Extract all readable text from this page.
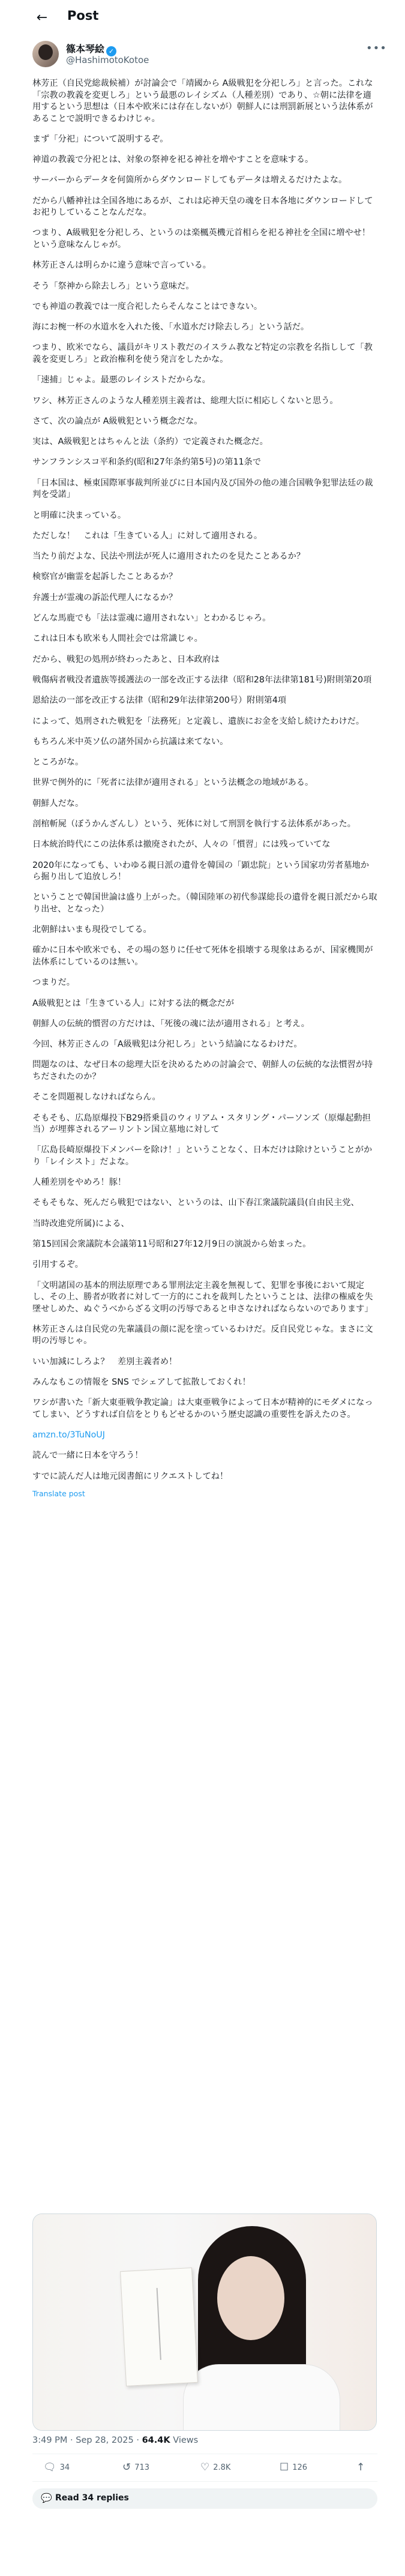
←	Post
篠本琴絵 ✓
@HashimotoKotoe
•••

林芳正（自民党総裁候補）が討論会で「靖國から A級戦犯を分祀しろ」と言った。これな「宗教の教義を変更しろ」という最悪のレイシズム（人種差別）であり、☆朝に法律を適用するという思想は（日本や欧米には存在しないが）朝鮮人には刑罰新展という法体系があることで説明できるわけじゃ。

まず「分祀」について説明するぞ。

神道の教義で分祀とは、対象の祭神を祀る神社を増やすことを意味する。

サーバーからデータを何箇所からダウンロードしてもデータは増えるだけたよな。

だから八幡神社は全国各地にあるが、これは応神天皇の魂を日本各地にダウンロードしてお祀りしていることなんだな。

つまり、A級戦犯を分祀しろ、というのは楽楓英機元首相らを祀る神社を全国に増やせ！という意味なんじゃが。

林芳正さんは明らかに違う意味で言っている。

そう「祭神から除去しろ」という意味だ。

でも神道の教義では一度合祀したらそんなことはできない。

海にお椀一杯の水道水を入れた後、「水道水だけ除去しろ」という話だ。

つまり、欧米でなら、議員がキリスト教だのイスラム教など特定の宗教を名指しして「教義を変更しろ」と政治権利を使う発言をしたかな。

「速捕」じゃよ。最悪のレイシストだからな。

ワシ、林芳正さんのような人種差別主義者は、総理大臣に相応しくないと思う。

さて、次の論点が A級戦犯という概念だな。

実は、A級戦犯とはちゃんと法（条約）で定義された概念だ。

サンフランシスコ平和条約(昭和27年条約第5号)の第11条で

「日本国は、極東国際軍事裁判所並びに日本国内及び国外の他の連合国戦争犯罪法廷の裁判を受諾」

と明確に決まっている。

ただしな！　これは「生きている人」に対して適用される。

当たり前だよな、民法や刑法が死人に適用されたのを見たことあるか？

検察官が幽霊を起訴したことあるか？

弁護士が霊魂の訴訟代理人になるか？

どんな馬鹿でも「法は霊魂に適用されない」とわかるじゃろ。

これは日本も欧米も人間社会では常識じゃ。

だから、戦犯の処刑が終わったあと、日本政府は

戦傷病者戦没者遺族等援護法の一部を改正する法律（昭和28年法律第181号)附則第20項

恩給法の一部を改正する法律（昭和29年法律第200号）附則第4項

によって、処刑された戦犯を「法務死」と定義し、遺族にお金を支給し続けたわけだ。

もちろん米中英ソ仏の諸外国から抗議は来てない。

ところがな。

世界で例外的に「死者に法律が適用される」という法概念の地域がある。

朝鮮人だな。

剖棺斬屍（ぼうかんざんし）という、死体に対して刑罰を執行する法体系があった。

日本統治時代にこの法体系は撤廃されたが、人々の「慣習」には残っていてな

2020年になっても、いわゆる親日派の遺骨を韓国の「顕忠院」という国家功労者墓地から掘り出して追放しろ！

ということで韓国世論は盛り上がった。（韓国陸軍の初代参謀総長の遺骨を親日派だから取り出せ、となった）

北朝鮮はいまも現役でしてる。

確かに日本や欧米でも、その場の怒りに任せて死体を損壊する現象はあるが、国家機関が法体系にしているのは無い。

つまりだ。

A級戦犯とは「生きている人」に対する法的概念だが

朝鮮人の伝統的慣習の方だけは、「死後の魂に法が適用される」と考え。

今回、林芳正さんの「A級戦犯は分祀しろ」という結論になるわけだ。

問題なのは、なぜ日本の総理大臣を決めるための討論会で、朝鮮人の伝統的な法慣習が持ちだされたのか？

そこを問題視しなければならん。

そもそも、広島原爆投下B29搭乗員のウィリアム・スタリング・パーソンズ（原爆起動担当）が埋葬されるアーリントン国立墓地に対して

「広島長崎原爆投下メンバーを除け！」ということなく、日本だけは除けということがかり「レイシスト」だよな。

人種差別をやめろ！豚！

そもそもな、死んだら戦犯ではない、というのは、山下春江衆議院議員(自由民主党、

当時改進党所属)による、

第15回国会衆議院本会議第11号昭和27年12月9日の演説から始まった。

引用するぞ。

「文明諸国の基本的刑法原理である罪刑法定主義を無視して、犯罪を事後において規定し、その上、勝者が敗者に対して一方的にこれを裁判したということは、法律の権威を失墜せしめた、ぬぐうべからざる文明の汚辱であると申さなければならないのであります」

林芳正さんは自民党の先輩議員の顔に泥を塗っているわけだ。反自民党じゃな。まさに文明の汚辱じゃ。

いい加減にしろよ？　差別主義者め！

みんなもこの情報を SNS でシェアして拡散しておくれ！

ワシが書いた「新大東亜戦争教定論」は大東亜戦争によって日本が精神的にモダメになってしまい、どうすれば自信をとりもどせるかのいう歴史認識の重要性を訴えたのさ。

amzn.to/3TuNoUJ

読んで一緒に日本を守ろう！

すでに読んだ人は地元図書館にリクエストしてね！

Translate post
3:49 PM · Sep 28, 2025 · 64.4K Views
🗨 34	↺ 713	♡ 2.8K	☐ 126	↑
💬 Read 34 replies
